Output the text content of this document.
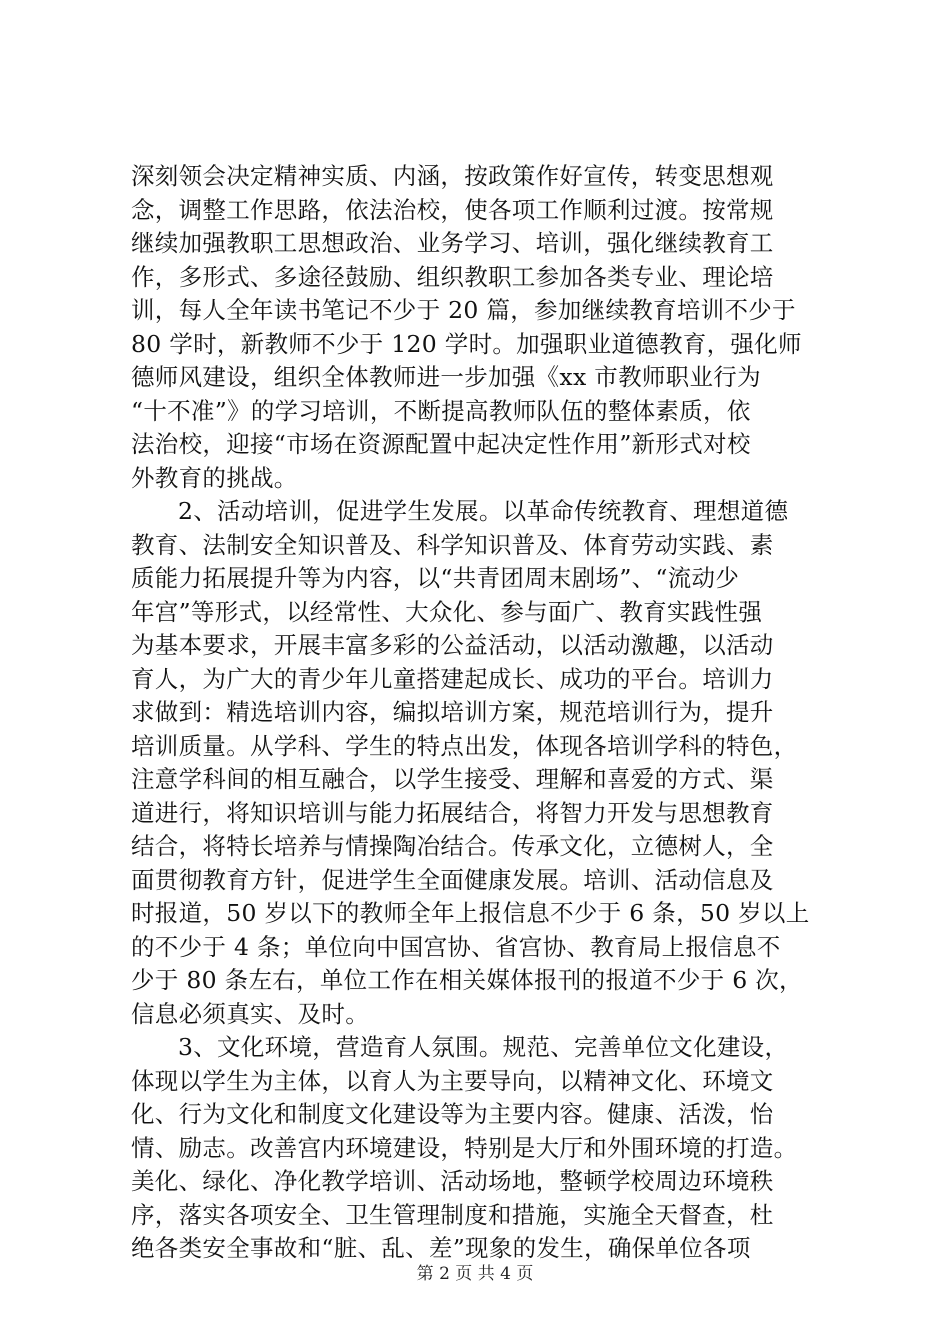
深刻领会决定精神实质、内涵，按政策作好宣传，转变思想观
念，调整工作思路，依法治校，使各项工作顺利过渡。按常规
继续加强教职工思想政治、业务学习、培训，强化继续教育工
作，多形式、多途径鼓励、组织教职工参加各类专业、理论培
训，每人全年读书笔记不少于 20 篇，参加继续教育培训不少于
80 学时，新教师不少于 120 学时。加强职业道德教育，强化师
德师风建设，组织全体教师进一步加强《xx 市教师职业行为
“十不准”》的学习培训，不断提高教师队伍的整体素质，依
法治校，迎接“市场在资源配置中起决定性作用”新形式对校
外教育的挑战。
2、活动培训，促进学生发展。以革命传统教育、理想道德
教育、法制安全知识普及、科学知识普及、体育劳动实践、素
质能力拓展提升等为内容，以“共青团周末剧场”、“流动少
年宫”等形式，以经常性、大众化、参与面广、教育实践性强
为基本要求，开展丰富多彩的公益活动，以活动激趣，以活动
育人，为广大的青少年儿童搭建起成长、成功的平台。培训力
求做到：精选培训内容，编拟培训方案，规范培训行为，提升
培训质量。从学科、学生的特点出发，体现各培训学科的特色，
注意学科间的相互融合，以学生接受、理解和喜爱的方式、渠
道进行，将知识培训与能力拓展结合，将智力开发与思想教育
结合，将特长培养与情操陶冶结合。传承文化，立德树人，全
面贯彻教育方针，促进学生全面健康发展。培训、活动信息及
时报道，50 岁以下的教师全年上报信息不少于 6 条，50 岁以上
的不少于 4 条；单位向中国宫协、省宫协、教育局上报信息不
少于 80 条左右，单位工作在相关媒体报刊的报道不少于 6 次，
信息必须真实、及时。
3、文化环境，营造育人氛围。规范、完善单位文化建设，
体现以学生为主体，以育人为主要导向，以精神文化、环境文
化、行为文化和制度文化建设等为主要内容。健康、活泼，怡
情、励志。改善宫内环境建设，特别是大厅和外围环境的打造。
美化、绿化、净化教学培训、活动场地，整顿学校周边环境秩
序，落实各项安全、卫生管理制度和措施，实施全天督查，杜
绝各类安全事故和“脏、乱、差”现象的发生，确保单位各项
第 2 页 共 4 页
